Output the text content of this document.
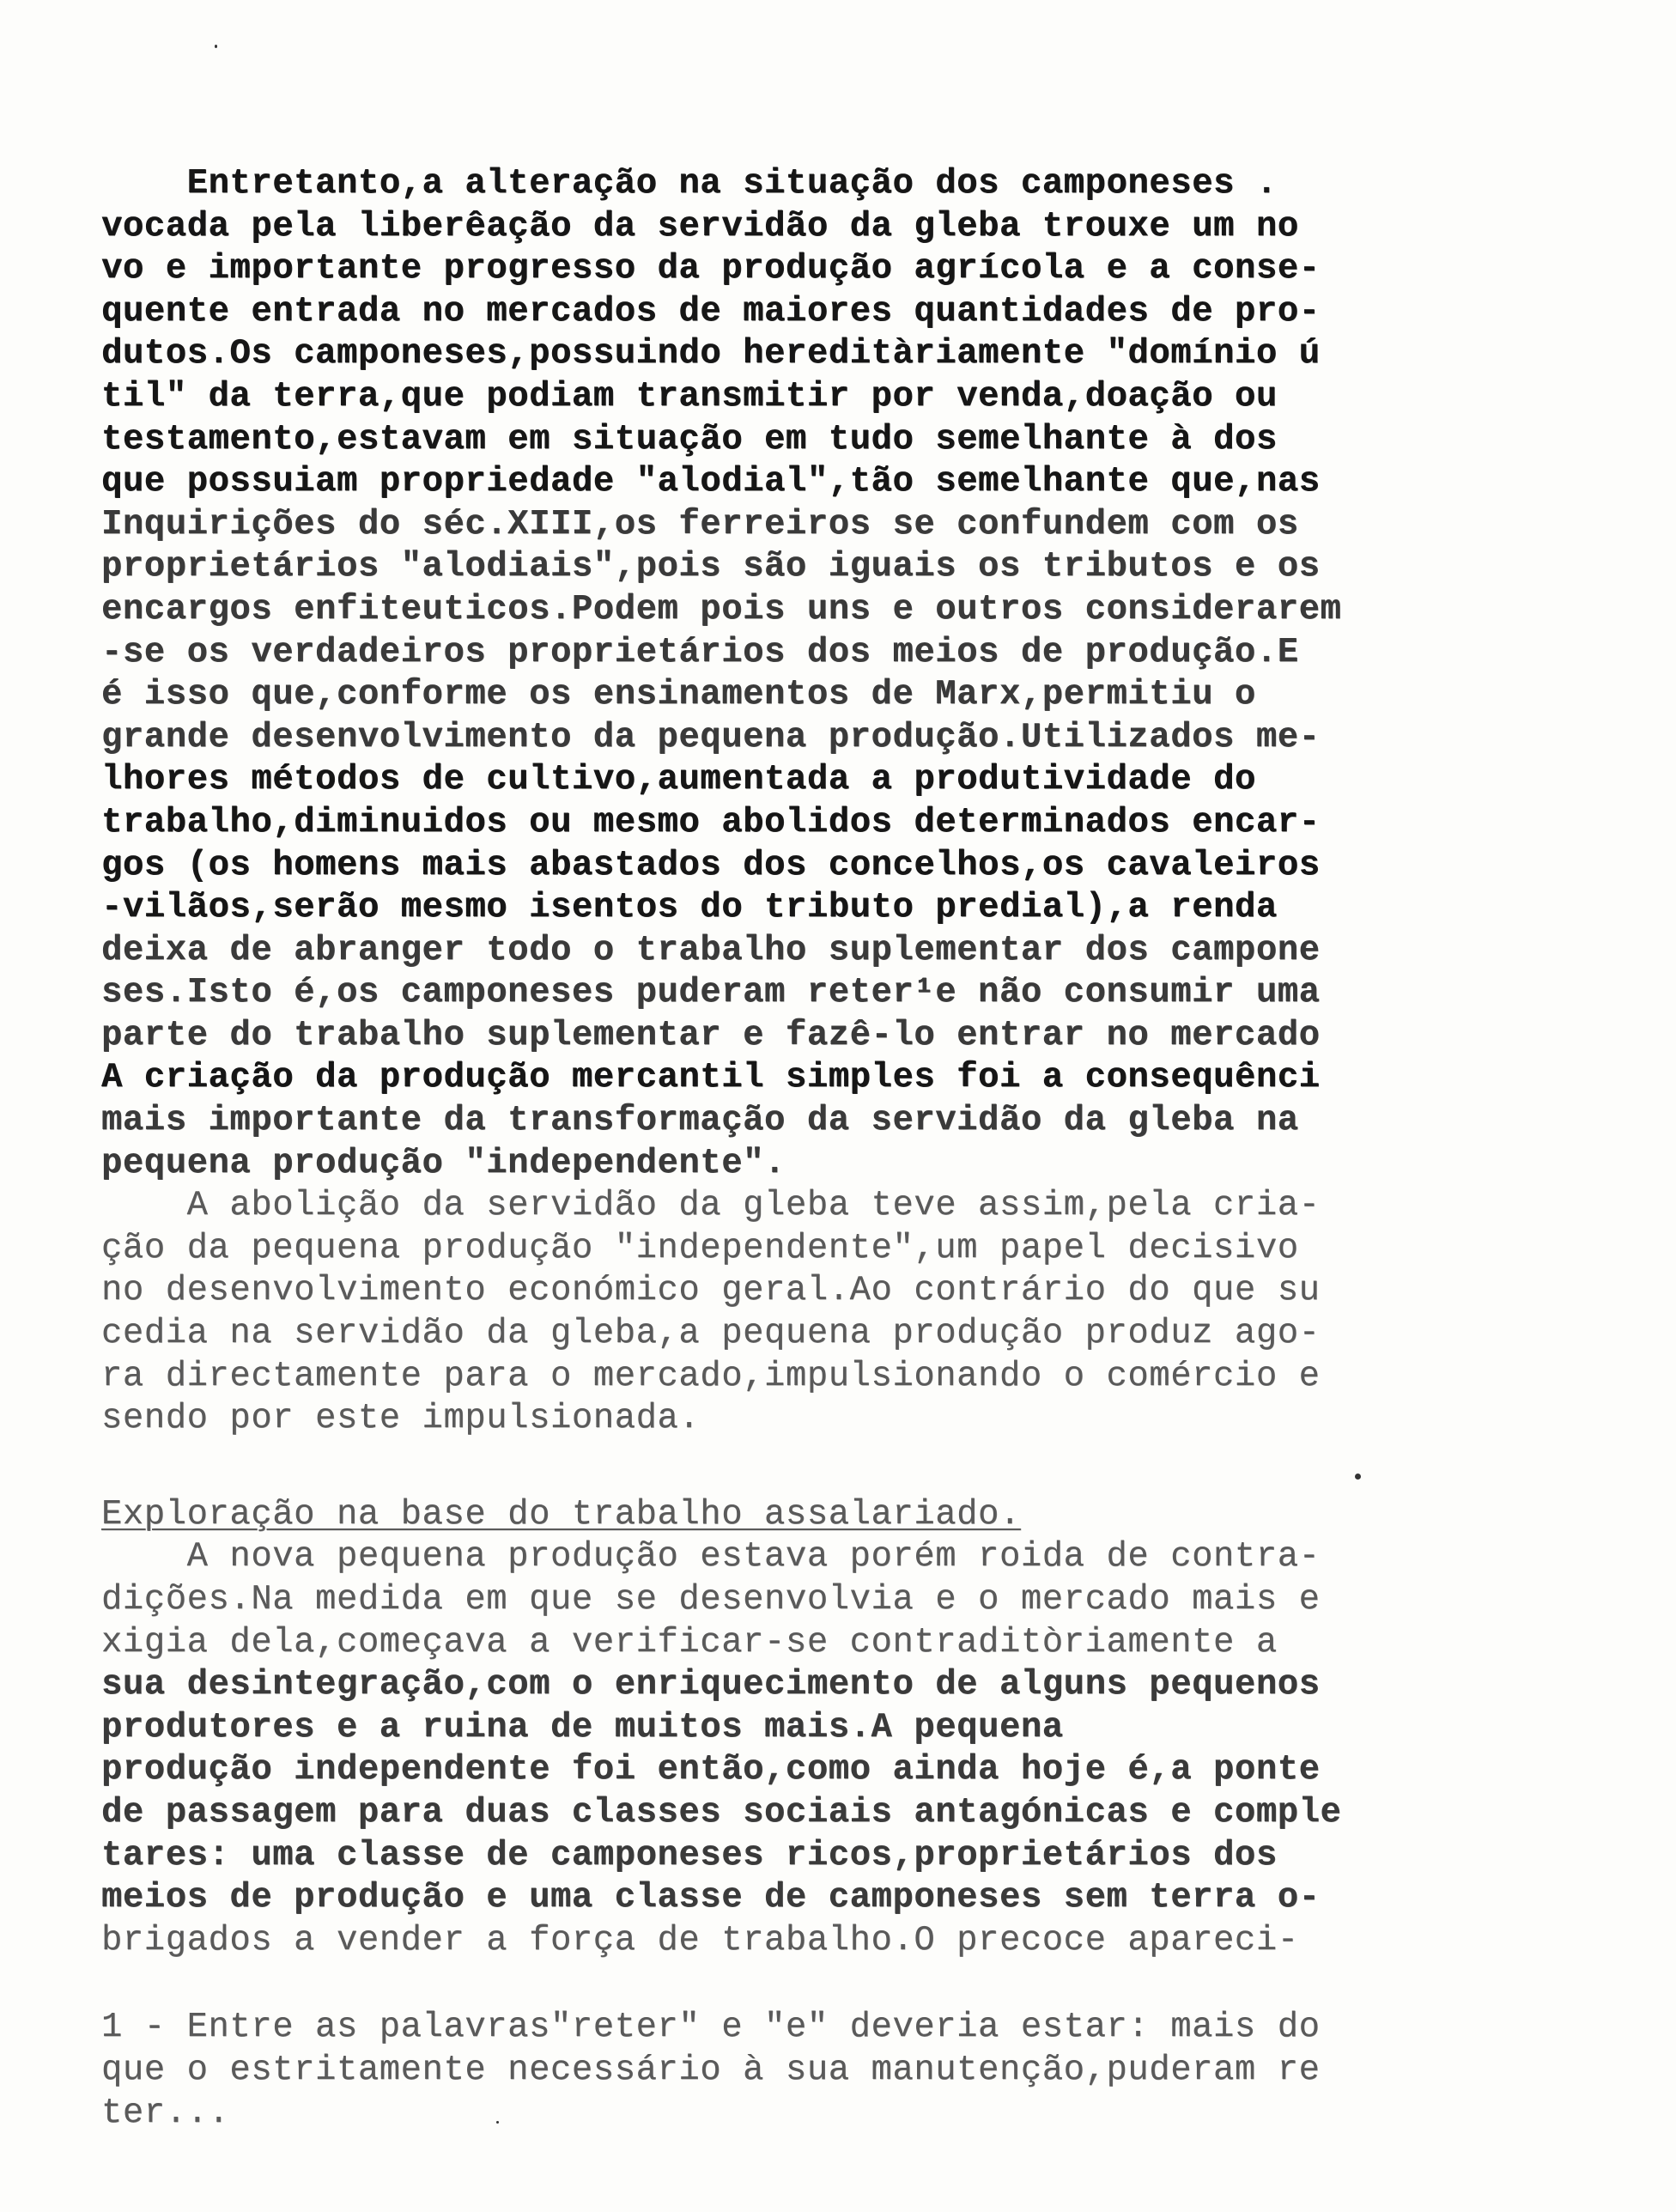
Entretanto,a alteração na situação dos camponeses .
vocada pela liberêação da servidão da gleba trouxe um no
vo e importante progresso da produção agrícola e a conse-
quente entrada no mercados de maiores quantidades de pro-
dutos.Os camponeses,possuindo hereditàriamente "domínio ú
til" da terra,que podiam transmitir por venda,doação ou
testamento,estavam em situação em tudo semelhante à dos
que possuiam propriedade "alodial",tão semelhante que,nas
Inquirições do séc.XIII,os ferreiros se confundem com os
proprietários "alodiais",pois são iguais os tributos e os
encargos enfiteuticos.Podem pois uns e outros considerarem
-se os verdadeiros proprietários dos meios de produção.E
é isso que,conforme os ensinamentos de Marx,permitiu o
grande desenvolvimento da pequena produção.Utilizados me-
lhores métodos de cultivo,aumentada a produtividade do
trabalho,diminuidos ou mesmo abolidos determinados encar-
gos (os homens mais abastados dos concelhos,os cavaleiros
-vilãos,serão mesmo isentos do tributo predial),a renda
deixa de abranger todo o trabalho suplementar dos campone
ses.Isto é,os camponeses puderam reter¹e não consumir uma
parte do trabalho suplementar e fazê-lo entrar no mercado
A criação da produção mercantil simples foi a consequênci
mais importante da transformação da servidão da gleba na
pequena produção "independente".
A abolição da servidão da gleba teve assim,pela cria-
ção da pequena produção "independente",um papel decisivo
no desenvolvimento económico geral.Ao contrário do que su
cedia na servidão da gleba,a pequena produção produz ago-
ra directamente para o mercado,impulsionando o comércio e
sendo por este impulsionada.
Exploração na base do trabalho assalariado.
A nova pequena produção estava porém roida de contra-
dições.Na medida em que se desenvolvia e o mercado mais e
xigia dela,começava a verificar-se contraditòriamente a
sua desintegração,com o enriquecimento de alguns pequenos
produtores e a ruina de muitos mais.A pequena
produção independente foi então,como ainda hoje é,a ponte
de passagem para duas classes sociais antagónicas e comple
tares: uma classe de camponeses ricos,proprietários dos
meios de produção e uma classe de camponeses sem terra o-
brigados a vender a força de trabalho.O precoce apareci-
1 - Entre as palavras"reter" e "e" deveria estar: mais do
que o estritamente necessário à sua manutenção,puderam re
ter...
